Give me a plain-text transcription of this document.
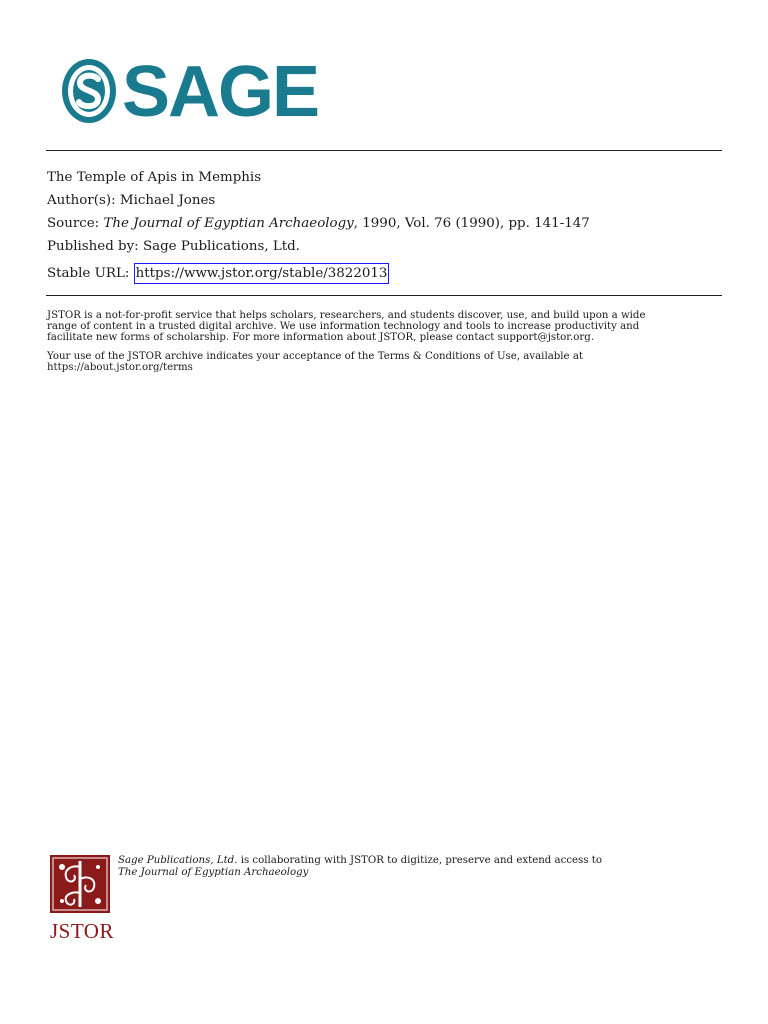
SAGE
The Temple of Apis in Memphis
Author(s): Michael Jones
Source: The Journal of Egyptian Archaeology, 1990, Vol. 76 (1990), pp. 141-147
Published by: Sage Publications, Ltd.
Stable URL: https://www.jstor.org/stable/3822013
JSTOR is a not-for-profit service that helps scholars, researchers, and students discover, use, and build upon a wide
range of content in a trusted digital archive. We use information technology and tools to increase productivity and
facilitate new forms of scholarship. For more information about JSTOR, please contact support@jstor.org.
Your use of the JSTOR archive indicates your acceptance of the Terms & Conditions of Use, available at
https://about.jstor.org/terms
JSTOR
Sage Publications, Ltd. is collaborating with JSTOR to digitize, preserve and extend access to
The Journal of Egyptian Archaeology
